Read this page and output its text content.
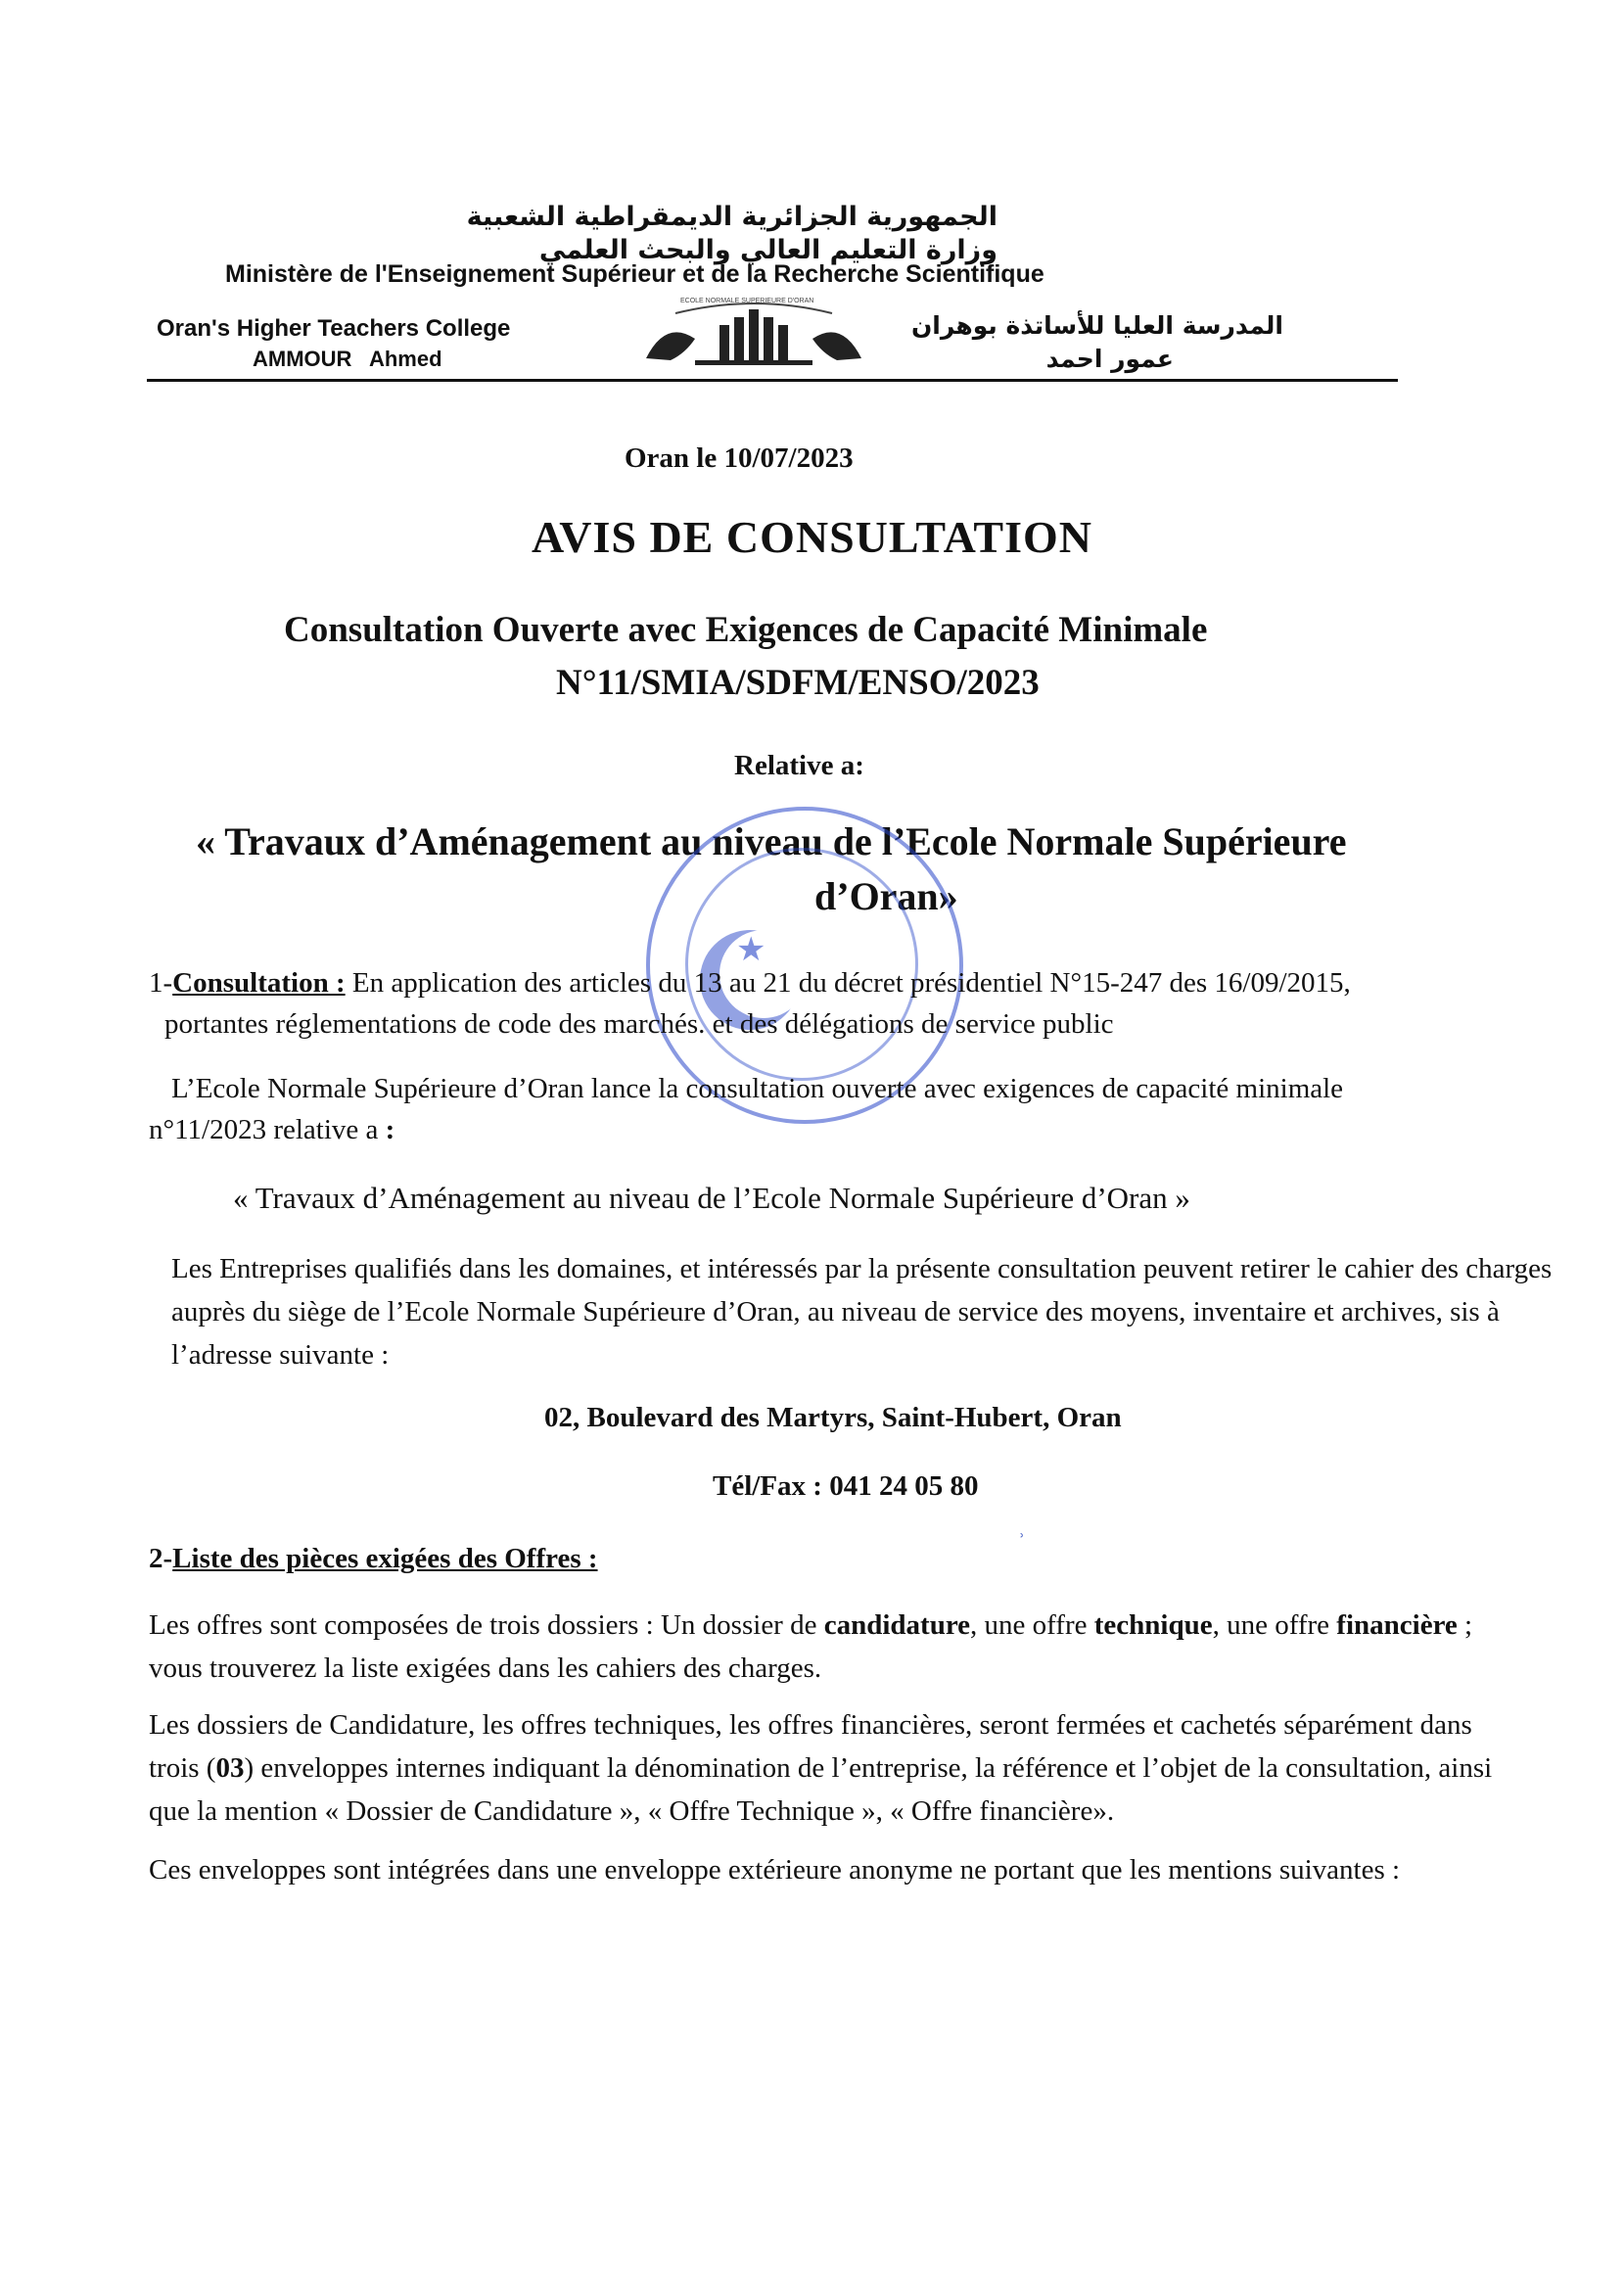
الجمهورية الجزائرية الديمقراطية الشعبية
وزارة التعليم العالي والبحث العلمي
Ministère de l'Enseignement Supérieur et de la Recherche Scientifique
Oran's Higher Teachers College
AMMOUR   Ahmed
المدرسة العليا للأساتذة بوهران
عمور احمد
ECOLE NORMALE SUPERIEURE D'ORAN
Oran le 10/07/2023
AVIS DE CONSULTATION
Consultation Ouverte avec Exigences de Capacité Minimale
N°11/SMIA/SDFM/ENSO/2023
Relative a:
« Travaux d’Aménagement au niveau de l’Ecole Normale Supérieure
d’Oran»
★
1-Consultation : En application des articles du 13 au 21 du décret présidentiel N°15-247 des 16/09/2015,
portantes réglementations de code des marchés. et des délégations de service public
L’Ecole Normale Supérieure d’Oran lance la consultation ouverte avec exigences de capacité minimale
n°11/2023 relative a :
« Travaux d’Aménagement au niveau de l’Ecole Normale Supérieure d’Oran »
Les Entreprises qualifiés dans les domaines, et intéressés par la présente consultation peuvent retirer le cahier des charges auprès du siège de l’Ecole Normale Supérieure d’Oran, au niveau de service des moyens, inventaire et archives, sis à l’adresse suivante :
02, Boulevard des Martyrs, Saint-Hubert, Oran
Tél/Fax : 041 24 05 80
2-Liste des pièces exigées des Offres :
ʾ
Les offres sont composées de trois dossiers : Un dossier de candidature, une offre technique, une offre financière ; vous trouverez la liste exigées dans les cahiers des charges.
Les dossiers de Candidature, les offres techniques, les offres financières, seront fermées et cachetés séparément dans trois (03) enveloppes internes indiquant la dénomination de l’entreprise, la référence et l’objet de la consultation, ainsi que la mention « Dossier de Candidature », « Offre Technique », « Offre financière».
Ces enveloppes sont intégrées dans une enveloppe extérieure anonyme ne portant que les mentions suivantes :
